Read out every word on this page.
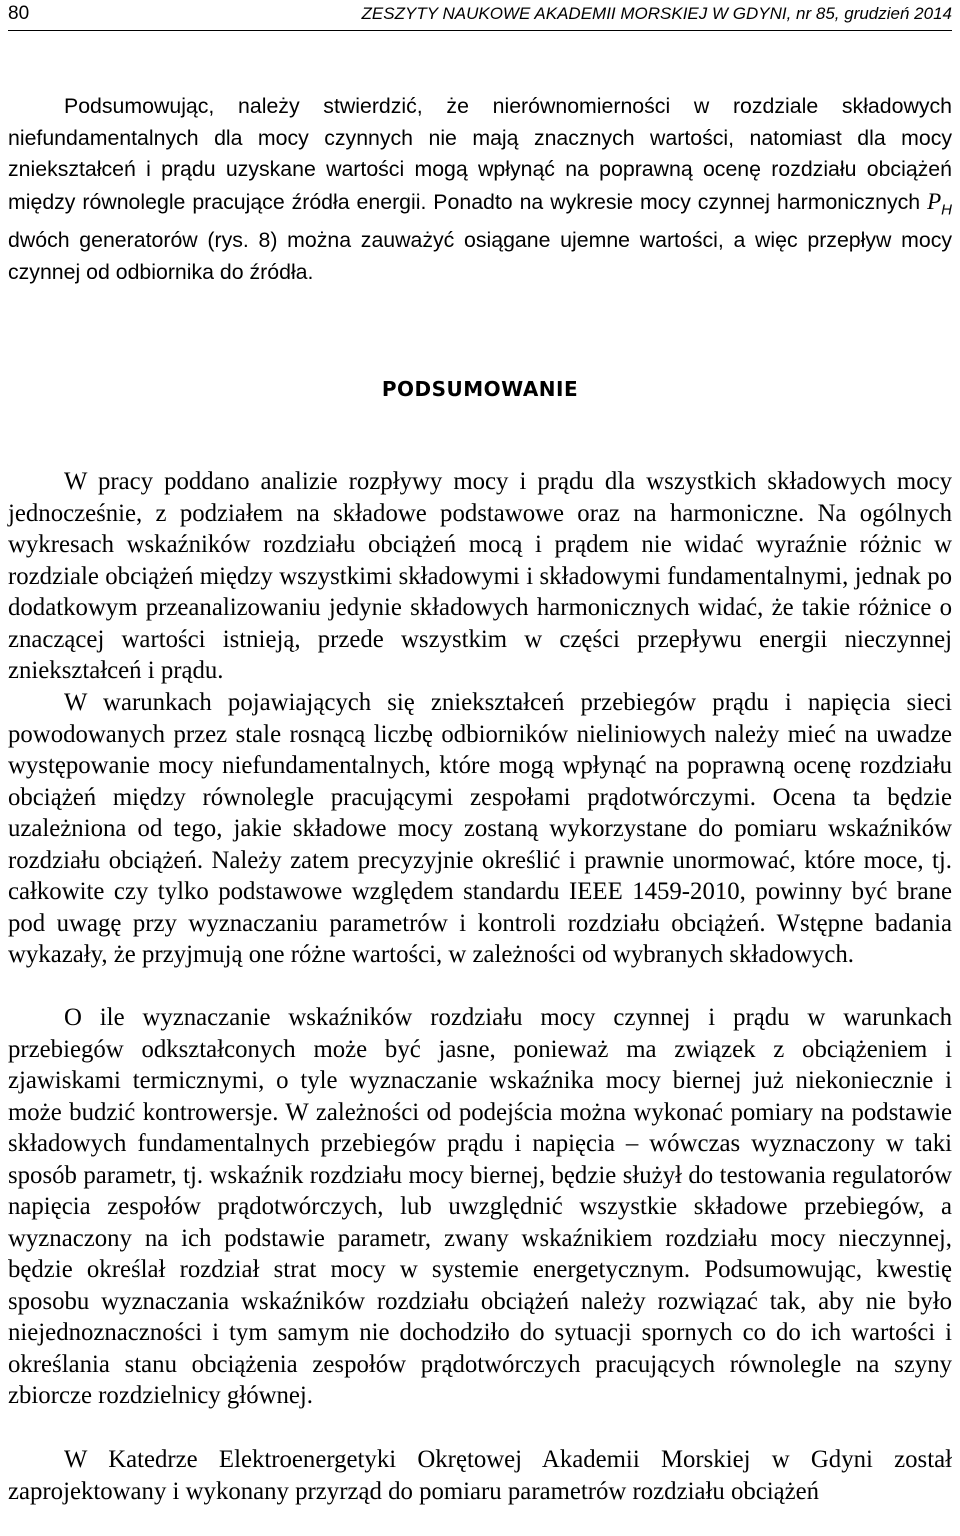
80	ZESZYTY NAUKOWE AKADEMII MORSKIEJ W GDYNI, nr 85, grudzień 2014

Podsumowując, należy stwierdzić, że nierównomierności w rozdziale składowych niefundamentalnych dla mocy czynnych nie mają znacznych wartości, natomiast dla mocy zniekształceń i prądu uzyskane wartości mogą wpłynąć na poprawną ocenę rozdziału obciążeń między równolegle pracujące źródła energii. Ponadto na wykresie mocy czynnej harmonicznych $P_H$ dwóch generatorów (rys. 8) można zauważyć osiągane ujemne wartości, a więc przepływ mocy czynnej od odbiornika do źródła.

PODSUMOWANIE

W pracy poddano analizie rozpływy mocy i prądu dla wszystkich składowych mocy jednocześnie, z podziałem na składowe podstawowe oraz na harmoniczne. Na ogólnych wykresach wskaźników rozdziału obciążeń mocą i prądem nie widać wyraźnie różnic w rozdziale obciążeń między wszystkimi składowymi i składowymi fundamentalnymi, jednak po dodatkowym przeanalizowaniu jedynie składowych harmonicznych widać, że takie różnice o znaczącej wartości istnieją, przede wszystkim w części przepływu energii nieczynnej zniekształceń i prądu.

W warunkach pojawiających się zniekształceń przebiegów prądu i napięcia sieci powodowanych przez stale rosnącą liczbę odbiorników nieliniowych należy mieć na uwadze występowanie mocy niefundamentalnych, które mogą wpłynąć na poprawną ocenę rozdziału obciążeń między równolegle pracującymi zespołami prądotwórczymi. Ocena ta będzie uzależniona od tego, jakie składowe mocy zostaną wykorzystane do pomiaru wskaźników rozdziału obciążeń. Należy zatem precyzyjnie określić i prawnie unormować, które moce, tj. całkowite czy tylko podstawowe względem standardu IEEE 1459-2010, powinny być brane pod uwagę przy wyznaczaniu parametrów i kontroli rozdziału obciążeń. Wstępne badania wykazały, że przyjmują one różne wartości, w zależności od wybranych składowych.

O ile wyznaczanie wskaźników rozdziału mocy czynnej i prądu w warunkach przebiegów odkształconych może być jasne, ponieważ ma związek z obciążeniem i zjawiskami termicznymi, o tyle wyznaczanie wskaźnika mocy biernej już niekoniecznie i może budzić kontrowersje. W zależności od podejścia można wykonać pomiary na podstawie składowych fundamentalnych przebiegów prądu i napięcia – wówczas wyznaczony w taki sposób parametr, tj. wskaźnik rozdziału mocy biernej, będzie służył do testowania regulatorów napięcia zespołów prądotwórczych, lub uwzględnić wszystkie składowe przebiegów, a wyznaczony na ich podstawie parametr, zwany wskaźnikiem rozdziału mocy nieczynnej, będzie określał rozdział strat mocy w systemie energetycznym. Podsumowując, kwestię sposobu wyznaczania wskaźników rozdziału obciążeń należy rozwiązać tak, aby nie było niejednoznaczności i tym samym nie dochodziło do sytuacji spornych co do ich wartości i określania stanu obciążenia zespołów prądotwórczych pracujących równolegle na szyny zbiorcze rozdzielnicy głównej.

W Katedrze Elektroenergetyki Okrętowej Akademii Morskiej w Gdyni został zaprojektowany i wykonany przyrząd do pomiaru parametrów rozdziału obciążeń
